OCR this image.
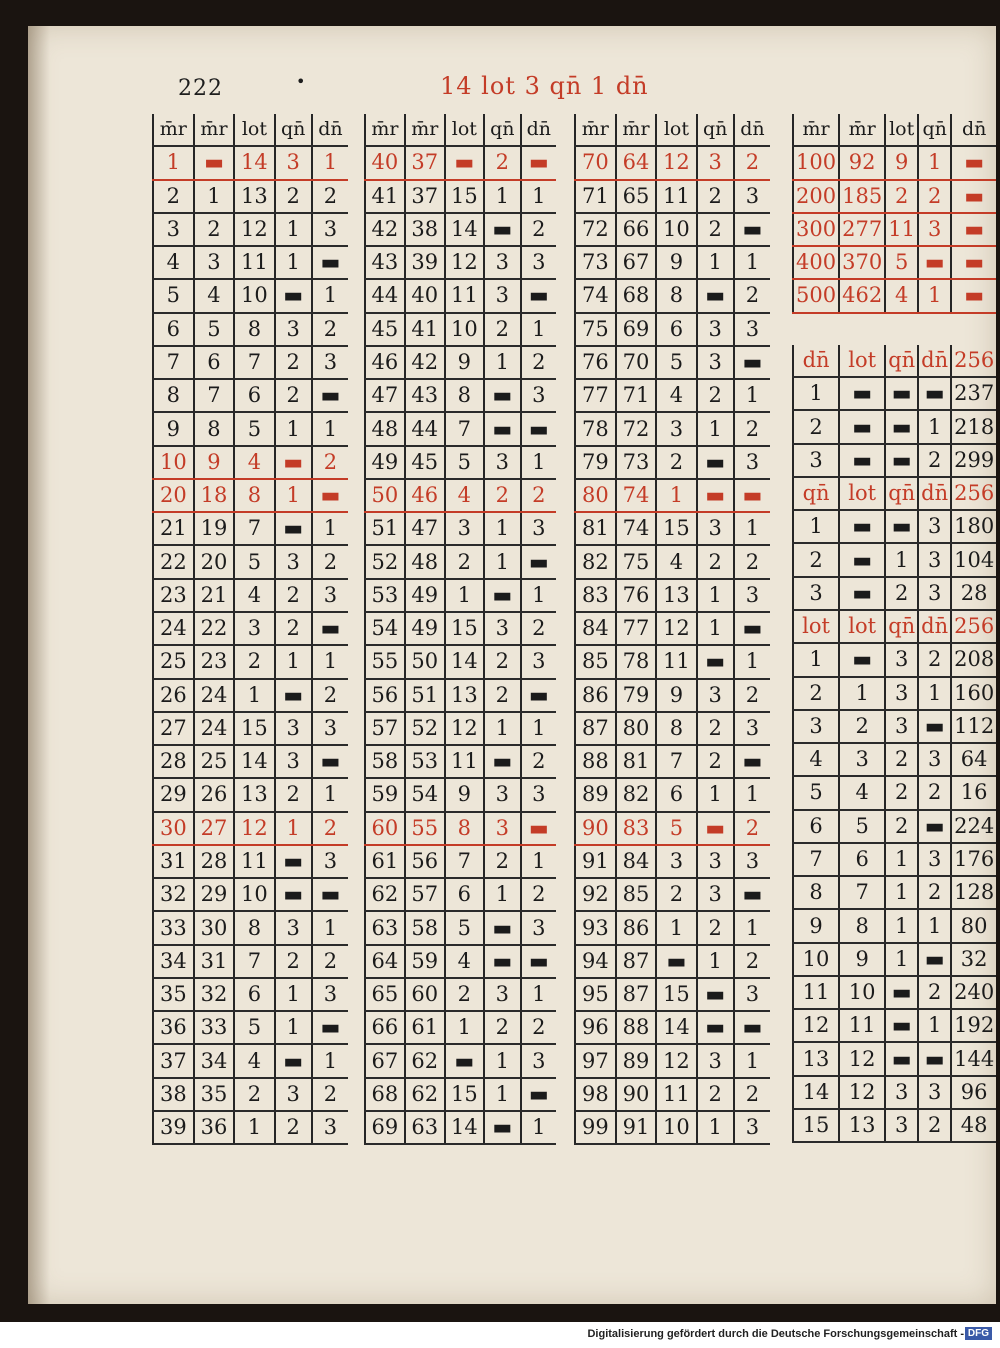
222	•	14 lot 3 qn̄ 1 dn̄
m̄r	m̄r	lot	qn̄	dn̄
1	▬	14	3	1
2	1	13	2	2
3	2	12	1	3
4	3	11	1	▬
5	4	10	▬	1
6	5	8	3	2
7	6	7	2	3
8	7	6	2	▬
9	8	5	1	1
10	9	4	▬	2
20	18	8	1	▬
21	19	7	▬	1
22	20	5	3	2
23	21	4	2	3
24	22	3	2	▬
25	23	2	1	1
26	24	1	▬	2
27	24	15	3	3
28	25	14	3	▬
29	26	13	2	1
30	27	12	1	2
31	28	11	▬	3
32	29	10	▬	▬
33	30	8	3	1
34	31	7	2	2
35	32	6	1	3
36	33	5	1	▬
37	34	4	▬	1
38	35	2	3	2
39	36	1	2	3
m̄r	m̄r	lot	qn̄	dn̄
40	37	▬	2	▬
41	37	15	1	1
42	38	14	▬	2
43	39	12	3	3
44	40	11	3	▬
45	41	10	2	1
46	42	9	1	2
47	43	8	▬	3
48	44	7	▬	▬
49	45	5	3	1
50	46	4	2	2
51	47	3	1	3
52	48	2	1	▬
53	49	1	▬	1
54	49	15	3	2
55	50	14	2	3
56	51	13	2	▬
57	52	12	1	1
58	53	11	▬	2
59	54	9	3	3
60	55	8	3	▬
61	56	7	2	1
62	57	6	1	2
63	58	5	▬	3
64	59	4	▬	▬
65	60	2	3	1
66	61	1	2	2
67	62	▬	1	3
68	62	15	1	▬
69	63	14	▬	1
m̄r	m̄r	lot	qn̄	dn̄
70	64	12	3	2
71	65	11	2	3
72	66	10	2	▬
73	67	9	1	1
74	68	8	▬	2
75	69	6	3	3
76	70	5	3	▬
77	71	4	2	1
78	72	3	1	2
79	73	2	▬	3
80	74	1	▬	▬
81	74	15	3	1
82	75	4	2	2
83	76	13	1	3
84	77	12	1	▬
85	78	11	▬	1
86	79	9	3	2
87	80	8	2	3
88	81	7	2	▬
89	82	6	1	1
90	83	5	▬	2
91	84	3	3	3
92	85	2	3	▬
93	86	1	2	1
94	87	▬	1	2
95	87	15	▬	3
96	88	14	▬	▬
97	89	12	3	1
98	90	11	2	2
99	91	10	1	3
m̄r	m̄r	lot	qn̄	dn̄
100	92	9	1	▬
200	185	2	2	▬
300	277	11	3	▬
400	370	5	▬	▬
500	462	4	1	▬

dn̄	lot	qn̄	dn̄	256
1	▬	▬	▬	237
2	▬	▬	1	218
3	▬	▬	2	299
qn̄	lot	qn̄	dn̄	256
1	▬	▬	3	180
2	▬	1	3	104
3	▬	2	3	28
lot	lot	qn̄	dn̄	256
1	▬	3	2	208
2	1	3	1	160
3	2	3	▬	112
4	3	2	3	64
5	4	2	2	16
6	5	2	▬	224
7	6	1	3	176
8	7	1	2	128
9	8	1	1	80
10	9	1	▬	32
11	10	▬	2	240
12	11	▬	1	192
13	12	▬	▬	144
14	12	3	3	96
15	13	3	2	48
Digitalisierung gefördert durch die Deutsche Forschungsgemeinschaft - DFG
